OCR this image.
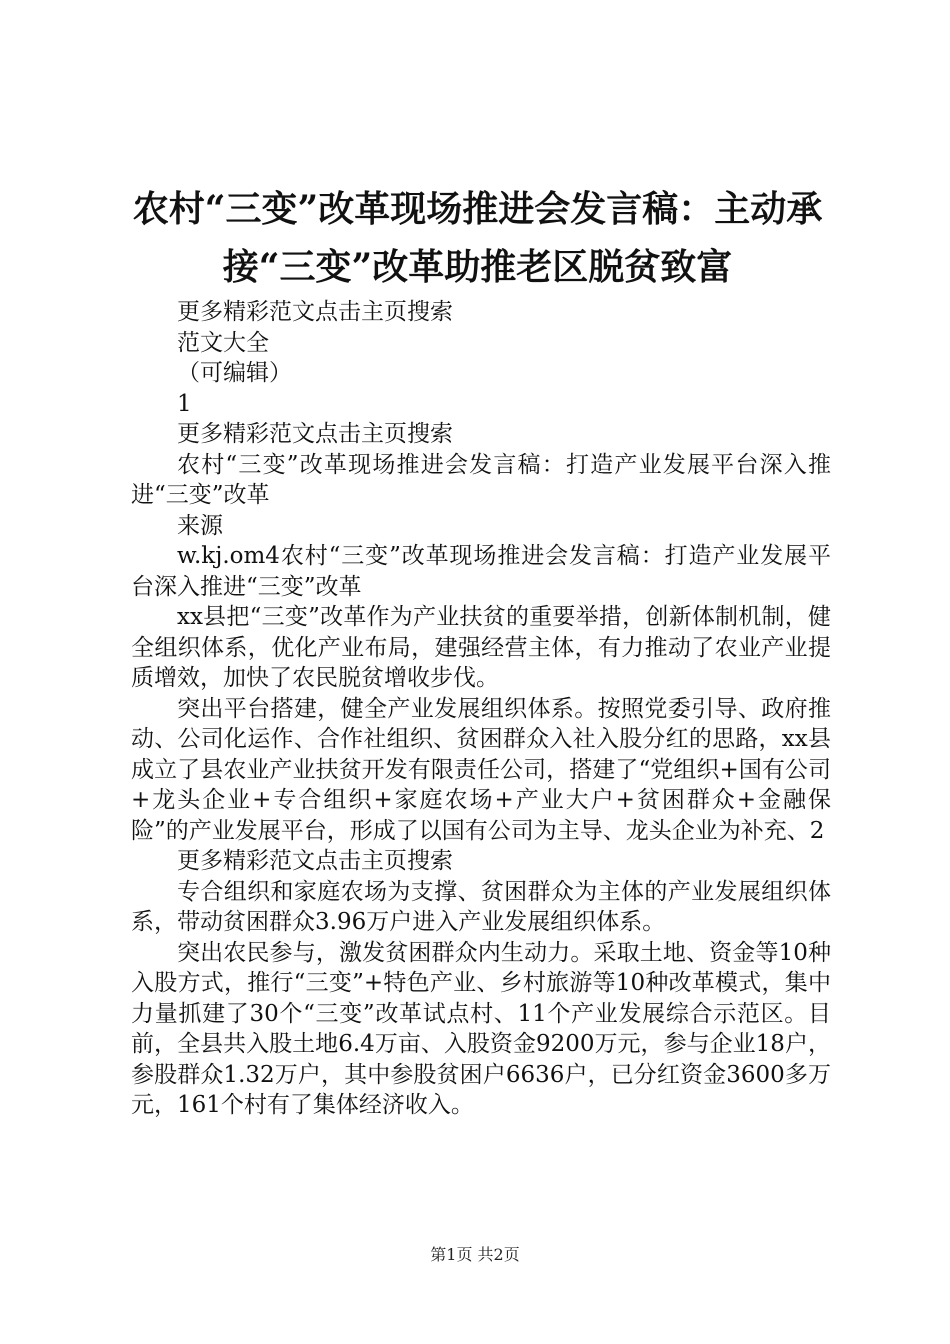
农村“三变”改革现场推进会发言稿：主动承接“三变”改革助推老区脱贫致富

更多精彩范文点击主页搜索

范文大全

（可编辑）

1

更多精彩范文点击主页搜索

农村“三变”改革现场推进会发言稿：打造产业发展平台深入推进“三变”改革

来源

w.kj.om4农村“三变”改革现场推进会发言稿：打造产业发展平台深入推进“三变”改革

xx县把“三变”改革作为产业扶贫的重要举措，创新体制机制，健全组织体系，优化产业布局，建强经营主体，有力推动了农业产业提质增效，加快了农民脱贫增收步伐。

突出平台搭建，健全产业发展组织体系。按照党委引导、政府推动、公司化运作、合作社组织、贫困群众入社入股分红的思路，xx县成立了县农业产业扶贫开发有限责任公司，搭建了“党组织+国有公司+龙头企业+专合组织+家庭农场+产业大户+贫困群众+金融保险”的产业发展平台，形成了以国有公司为主导、龙头企业为补充、2

更多精彩范文点击主页搜索

专合组织和家庭农场为支撑、贫困群众为主体的产业发展组织体系，带动贫困群众3.96万户进入产业发展组织体系。

突出农民参与，激发贫困群众内生动力。采取土地、资金等10种入股方式，推行“三变”+特色产业、乡村旅游等10种改革模式，集中力量抓建了30个“三变”改革试点村、11个产业发展综合示范区。目前，全县共入股土地6.4万亩、入股资金9200万元，参与企业18户，参股群众1.32万户，其中参股贫困户6636户，已分红资金3600多万元，161个村有了集体经济收入。

第1页 共2页
